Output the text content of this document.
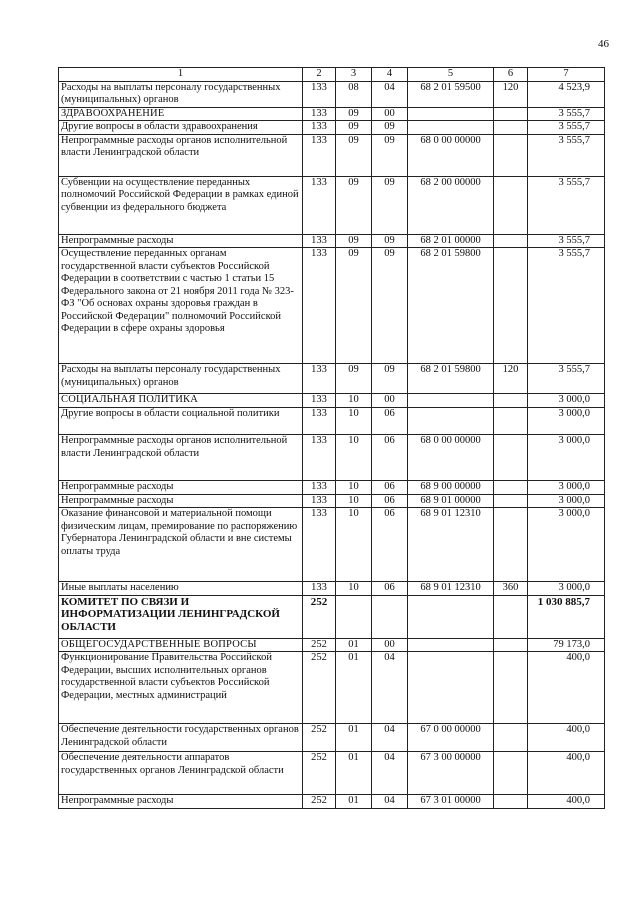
46
1	2	3	4	5	6	7
Расходы на выплаты персоналу государственных (муниципальных) органов	133	08	04	68 2 01 59500	120	4 523,9
ЗДРАВООХРАНЕНИЕ	133	09	00			3 555,7
Другие вопросы в области здравоохранения	133	09	09			3 555,7
Непрограммные расходы органов исполнительной власти Ленинградской области	133	09	09	68 0 00 00000		3 555,7
Субвенции на осуществление переданных полномочий Российской Федерации в рамках единой субвенции из федерального бюджета	133	09	09	68 2 00 00000		3 555,7
Непрограммные расходы	133	09	09	68 2 01 00000		3 555,7
Осуществление переданных органам государственной власти субъектов Российской Федерации в соответствии с частью 1 статьи 15 Федерального закона от 21 ноября 2011 года № 323-ФЗ "Об основах охраны здоровья граждан в Российской Федерации" полномочий Российской Федерации в сфере охраны здоровья	133	09	09	68 2 01 59800		3 555,7
Расходы на выплаты персоналу государственных (муниципальных) органов	133	09	09	68 2 01 59800	120	3 555,7
СОЦИАЛЬНАЯ ПОЛИТИКА	133	10	00			3 000,0
Другие вопросы в области социальной политики	133	10	06			3 000,0
Непрограммные расходы органов исполнительной власти Ленинградской области	133	10	06	68 0 00 00000		3 000,0
Непрограммные расходы	133	10	06	68 9 00 00000		3 000,0
Непрограммные расходы	133	10	06	68 9 01 00000		3 000,0
Оказание финансовой и материальной помощи физическим лицам, премирование по распоряжению Губернатора Ленинградской области и вне системы оплаты труда	133	10	06	68 9 01 12310		3 000,0
Иные выплаты населению	133	10	06	68 9 01 12310	360	3 000,0
КОМИТЕТ ПО СВЯЗИ И ИНФОРМАТИЗАЦИИ ЛЕНИНГРАДСКОЙ ОБЛАСТИ	252					1 030 885,7
ОБЩЕГОСУДАРСТВЕННЫЕ ВОПРОСЫ	252	01	00			79 173,0
Функционирование Правительства Российской Федерации, высших исполнительных органов государственной власти субъектов Российской Федерации, местных администраций	252	01	04			400,0
Обеспечение деятельности государственных органов Ленинградской области	252	01	04	67 0 00 00000		400,0
Обеспечение деятельности аппаратов государственных органов Ленинградской области	252	01	04	67 3 00 00000		400,0
Непрограммные расходы	252	01	04	67 3 01 00000		400,0
